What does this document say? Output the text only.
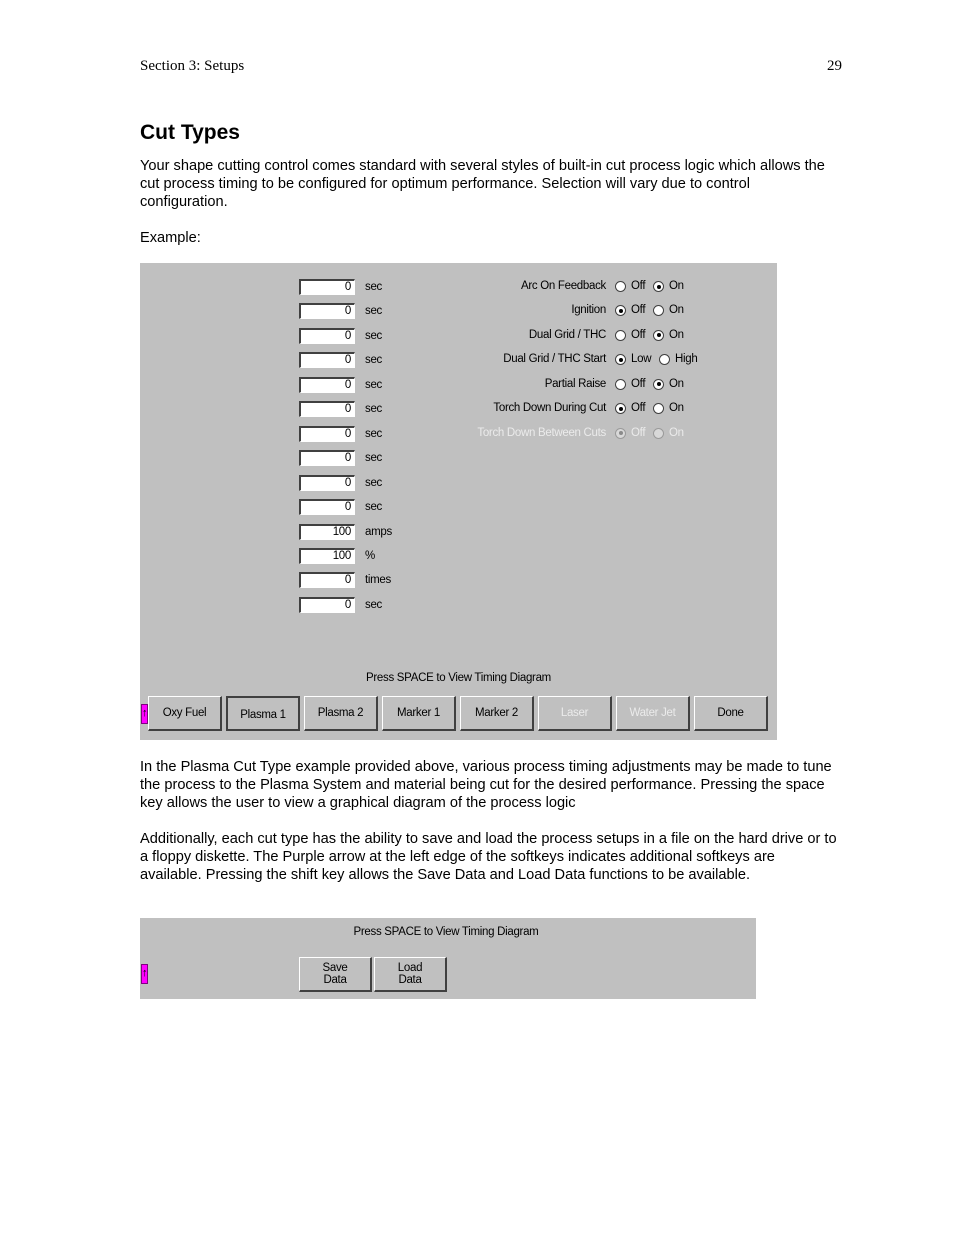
Section 3: Setups	29
Cut Types

Your shape cutting control comes standard with several styles of built-in cut process logic which allows the cut process timing to be configured for optimum performance. Selection will vary due to control configuration.

Example:

0	sec
0	sec
0	sec
0	sec
0	sec
0	sec
0	sec
0	sec
0	sec
0	sec
100	amps
100	%
0	times
0	sec
Arc On Feedback Off On
Ignition Off On
Dual Grid / THC Off On
Dual Grid / THC Start Low High
Partial Raise Off On
Torch Down During Cut Off On
Torch Down Between Cuts Off On
Press SPACE to View Timing Diagram
↑	Oxy Fuel	Plasma 1	Plasma 2	Marker 1	Marker 2	Laser	Water Jet	Done

In the Plasma Cut Type example provided above, various process timing adjustments may be made to tune the process to the Plasma System and material being cut for the desired performance. Pressing the space key allows the user to view a graphical diagram of the process logic

Additionally, each cut type has the ability to save and load the process setups in a file on the hard drive or to a floppy diskette. The Purple arrow at the left edge of the softkeys indicates additional softkeys are available. Pressing the shift key allows the Save Data and Load Data functions to be available.

Press SPACE to View Timing Diagram
↑	Save
Data
Load
Data
